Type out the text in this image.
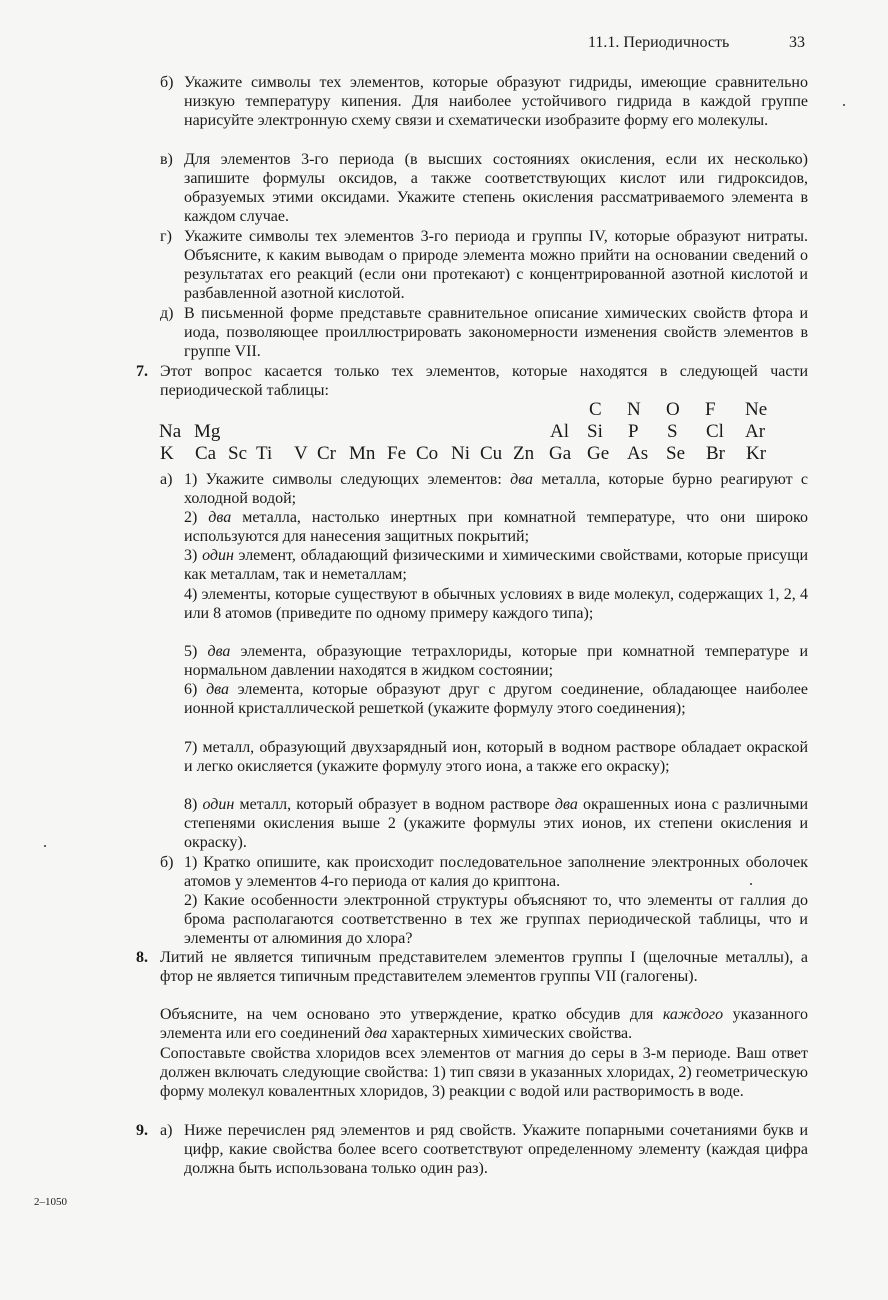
11.1. Периодичность	33
б) Укажите символы тех элементов, которые образуют гидриды, имеющие сравнительно низкую температуру кипения. Для наиболее устойчивого гидрида в каждой группе нарисуйте электронную схему связи и схематически изобразите форму его молекулы.
в) Для элементов 3-го периода (в высших состояниях окисления, если их несколько) запишите формулы оксидов, а также соответствующих кислот или гидроксидов, образуемых этими оксидами. Укажите степень окисления рассматриваемого элемента в каждом случае.
г) Укажите символы тех элементов 3-го периода и группы IV, которые образуют нитраты. Объясните, к каким выводам о природе элемента можно прийти на основании сведений о результатах его реакций (если они протекают) с концентрированной азотной кислотой и разбавленной азотной кислотой.
д) В письменной форме представьте сравнительное описание химических свойств фтора и иода, позволяющее проиллюстрировать закономерности изменения свойств элементов в группе VII.
7. Этот вопрос касается только тех элементов, которые находятся в следующей части периодической таблицы:
C N O F Ne
Na Mg	Al Si P S Cl Ar
K Ca Sc Ti V Cr Mn Fe Co Ni Cu Zn Ga Ge As Se Br Kr
а) 1) Укажите символы следующих элементов: два металла, которые бурно реагируют с холодной водой;
2) два металла, настолько инертных при комнатной температуре, что они широко используются для нанесения защитных покрытий;
3) один элемент, обладающий физическими и химическими свойствами, которые присущи как металлам, так и неметаллам;
4) элементы, которые существуют в обычных условиях в виде молекул, содержащих 1, 2, 4 или 8 атомов (приведите по одному примеру каждого типа);
5) два элемента, образующие тетрахлориды, которые при комнатной температуре и нормальном давлении находятся в жидком состоянии;
6) два элемента, которые образуют друг с другом соединение, обладающее наиболее ионной кристаллической решеткой (укажите формулу этого соединения);
7) металл, образующий двухзарядный ион, который в водном растворе обладает окраской и легко окисляется (укажите формулу этого иона, а также его окраску);
8) один металл, который образует в водном растворе два окрашенных иона с различными степенями окисления выше 2 (укажите формулы этих ионов, их степени окисления и окраску).
б) 1) Кратко опишите, как происходит последовательное заполнение электронных оболочек атомов у элементов 4-го периода от калия до криптона.
2) Какие особенности электронной структуры объясняют то, что элементы от галлия до брома располагаются соответственно в тех же группах периодической таблицы, что и элементы от алюминия до хлора?
8. Литий не является типичным представителем элементов группы I (щелочные металлы), а фтор не является типичным представителем элементов группы VII (галогены).
Объясните, на чем основано это утверждение, кратко обсудив для каждого указанного элемента или его соединений два характерных химических свойства.
Сопоставьте свойства хлоридов всех элементов от магния до серы в 3-м периоде. Ваш ответ должен включать следующие свойства: 1) тип связи в указанных хлоридах, 2) геометрическую форму молекул ковалентных хлоридов, 3) реакции с водой или растворимость в воде.
9. а) Ниже перечислен ряд элементов и ряд свойств. Укажите попарными сочетаниями букв и цифр, какие свойства более всего соответствуют определенному элементу (каждая цифра должна быть использована только один раз).
2–1050
